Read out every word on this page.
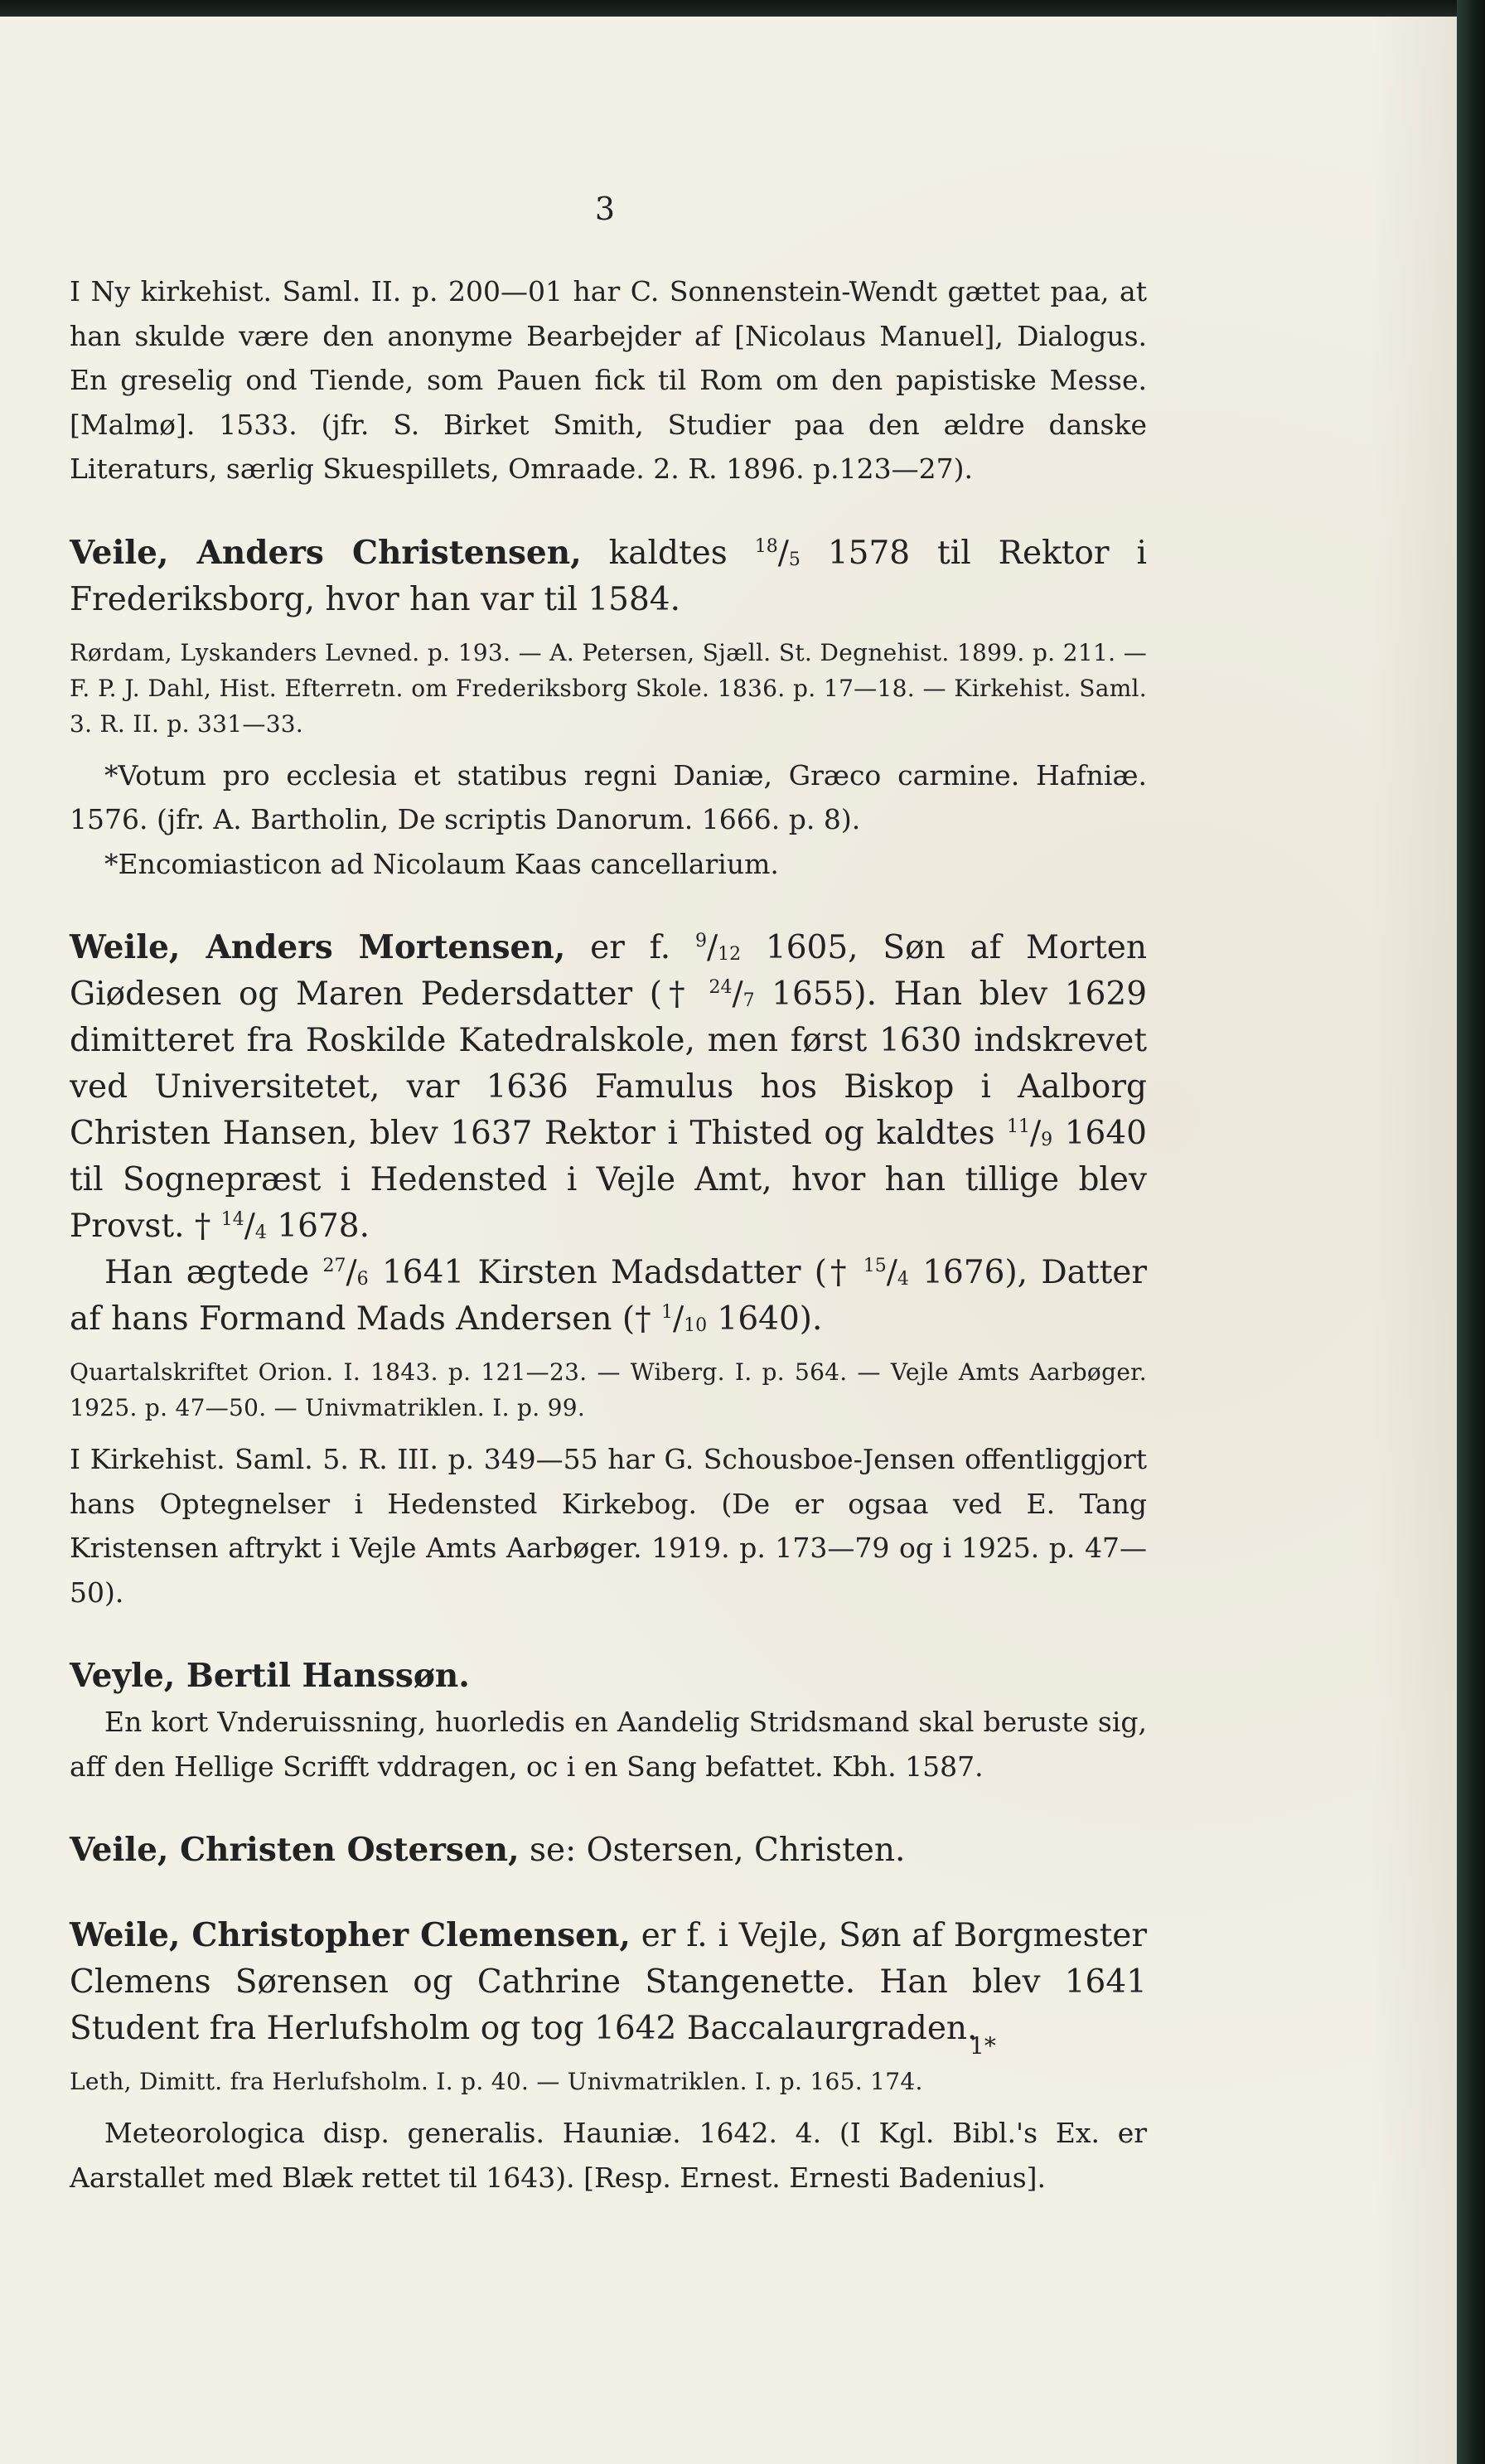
3

I Ny kirkehist. Saml. II. p. 200—01 har C. Sonnenstein-Wendt gættet paa, at han skulde være den anonyme Bearbejder af [Nicolaus Manuel], Dialogus. En greselig ond Tiende, som Pauen fick til Rom om den papistiske Messe. [Malmø]. 1533. (jfr. S. Birket Smith, Studier paa den ældre danske Literaturs, særlig Skuespillets, Omraade. 2. R. 1896. p.123—27).

Veile, Anders Christensen, kaldtes $^{18}/_5$ 1578 til Rektor i Frederiksborg, hvor han var til 1584.

Rørdam, Lyskanders Levned. p. 193. — A. Petersen, Sjæll. St. Degnehist. 1899. p. 211. — F. P. J. Dahl, Hist. Efterretn. om Frederiksborg Skole. 1836. p. 17—18. — Kirkehist. Saml. 3. R. II. p. 331—33.

*Votum pro ecclesia et statibus regni Daniæ, Græco carmine. Hafniæ. 1576. (jfr. A. Bartholin, De scriptis Danorum. 1666. p. 8).

*Encomiasticon ad Nicolaum Kaas cancellarium.

Weile, Anders Mortensen, er f. $^9/_{12}$ 1605, Søn af Morten Giødesen og Maren Pedersdatter († $^{24}/_7$ 1655). Han blev 1629 dimitteret fra Roskilde Katedralskole, men først 1630 indskrevet ved Universitetet, var 1636 Famulus hos Biskop i Aalborg Christen Hansen, blev 1637 Rektor i Thisted og kaldtes $^{11}/_9$ 1640 til Sognepræst i Hedensted i Vejle Amt, hvor han tillige blev Provst. † $^{14}/_4$ 1678.

Han ægtede $^{27}/_6$ 1641 Kirsten Madsdatter († $^{15}/_4$ 1676), Datter af hans Formand Mads Andersen († $^1/_{10}$ 1640).

Quartalskriftet Orion. I. 1843. p. 121—23. — Wiberg. I. p. 564. — Vejle Amts Aarbøger. 1925. p. 47—50. — Univmatriklen. I. p. 99.

I Kirkehist. Saml. 5. R. III. p. 349—55 har G. Schousboe-Jensen offentliggjort hans Optegnelser i Hedensted Kirkebog. (De er ogsaa ved E. Tang Kristensen aftrykt i Vejle Amts Aarbøger. 1919. p. 173—79 og i 1925. p. 47—50).

Veyle, Bertil Hanssøn.

En kort Vnderuissning, huorledis en Aandelig Stridsmand skal beruste sig, aff den Hellige Scrifft vddragen, oc i en Sang befattet. Kbh. 1587.

Veile, Christen Ostersen, se: Ostersen, Christen.

Weile, Christopher Clemensen, er f. i Vejle, Søn af Borgmester Clemens Sørensen og Cathrine Stangenette. Han blev 1641 Student fra Herlufsholm og tog 1642 Baccalaurgraden.

Leth, Dimitt. fra Herlufsholm. I. p. 40. — Univmatriklen. I. p. 165. 174.

Meteorologica disp. generalis. Hauniæ. 1642. 4. (I Kgl. Bibl.'s Ex. er Aarstallet med Blæk rettet til 1643). [Resp. Ernest. Ernesti Badenius].

1*
